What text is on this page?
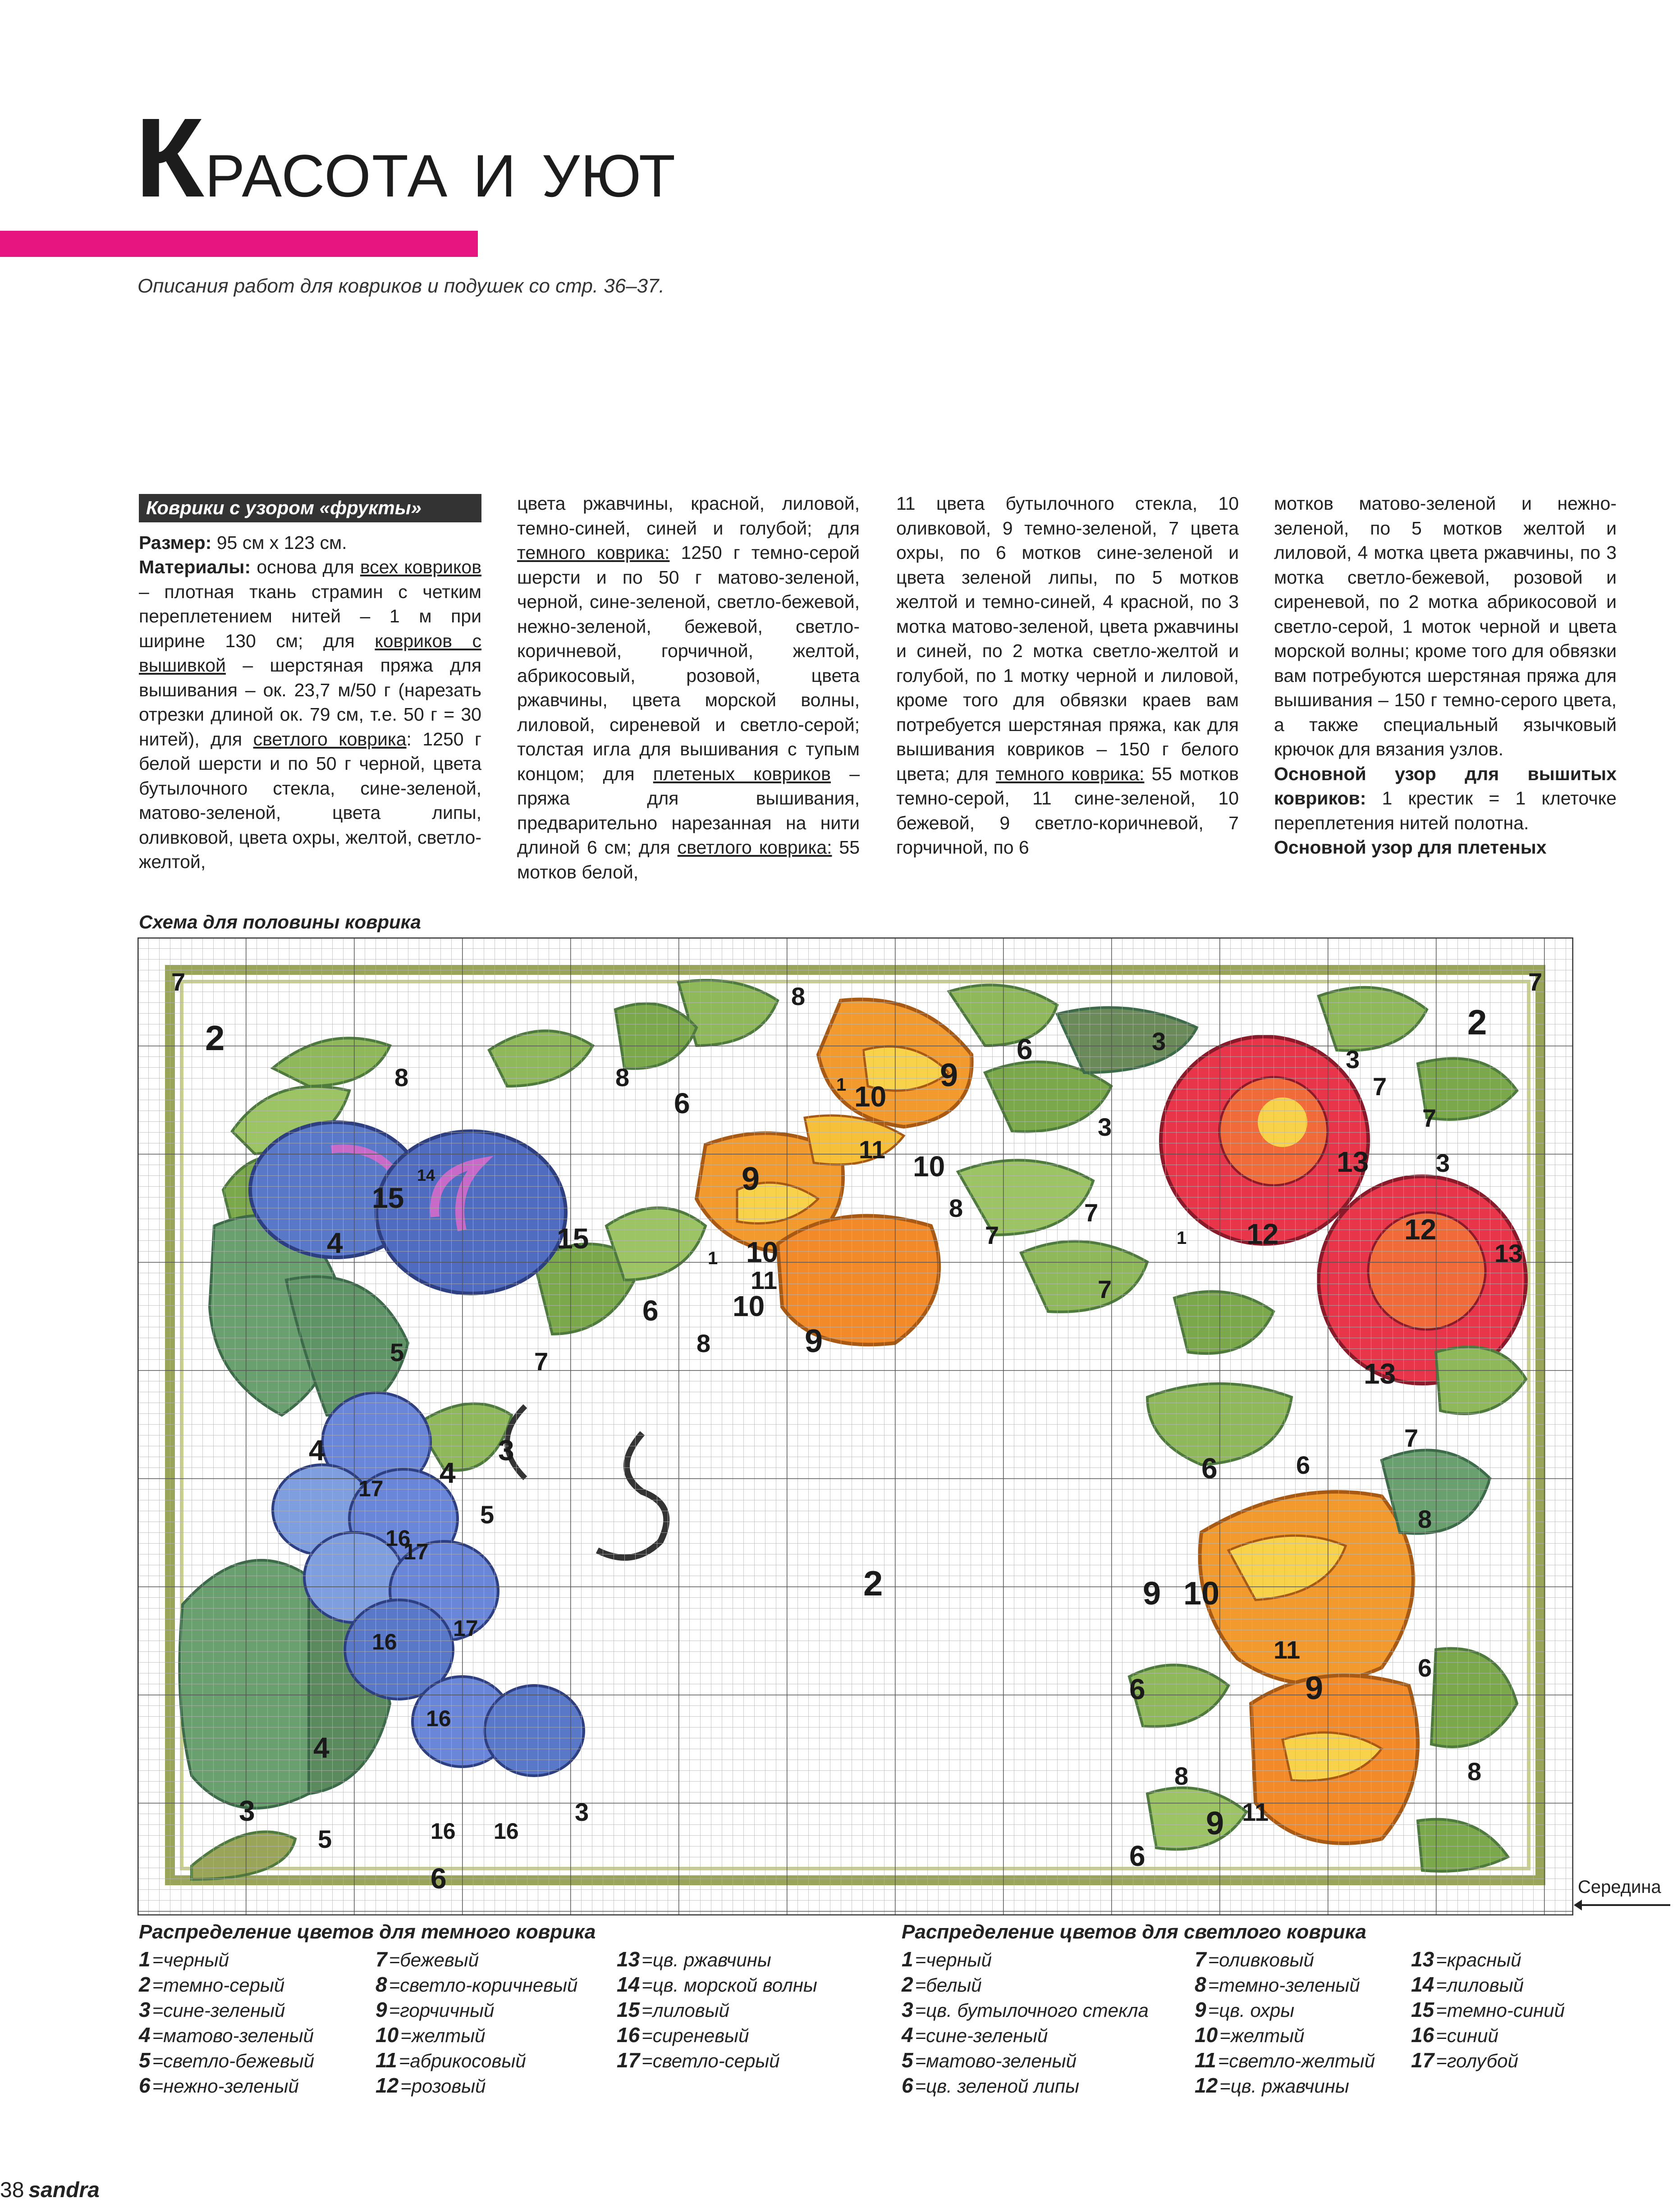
Красота и уют
Описания работ для ковриков и подушек со стр. 36–37.
Коврики с узором «фрукты»

Размер: 95 см x 123 см.

Материалы: основа для всех ковриков – плотная ткань страмин с четким переплетением нитей – 1 м при ширине 130 см; для ковриков с вышивкой – шерстяная пряжа для вышивания – ок. 23,7 м/50 г (нарезать отрезки длиной ок. 79 см, т.е. 50 г = 30 нитей), для светлого коврика: 1250 г белой шерсти и по 50 г черной, цвета бутылочного стекла, сине-зеленой, матово-зеленой, цвета липы, оливковой, цвета охры, желтой, светло-желтой,

цвета ржавчины, красной, лиловой, темно-синей, синей и голубой; для темного коврика: 1250 г темно-серой шерсти и по 50 г матово-зеленой, черной, сине-зеленой, светло-бежевой, нежно-зеленой, бежевой, светло-коричневой, горчичной, желтой, абрикосовый, розовой, цвета ржавчины, цвета морской волны, лиловой, сиреневой и светло-серой; толстая игла для вышивания с тупым концом; для плетеных ковриков – пряжа для вышивания, предварительно нарезанная на нити длиной 6 см; для светлого коврика: 55 мотков белой,

11 цвета бутылочного стекла, 10 оливковой, 9 темно-зеленой, 7 цвета охры, по 6 мотков сине-зеленой и цвета зеленой липы, по 5 мотков желтой и темно-синей, 4 красной, по 3 мотка матово-зеленой, цвета ржавчины и синей, по 2 мотка светло-желтой и голубой, по 1 мотку черной и лиловой, кроме того для обвязки краев вам потребуется шерстяная пряжа, как для вышивания ковриков – 150 г белого цвета; для темного коврика: 55 мотков темно-серой, 11 сине-зеленой, 10 бежевой, 9 светло-коричневой, 7 горчичной, по 6

мотков матово-зеленой и нежно-зеленой, по 5 мотков желтой и лиловой, 4 мотка цвета ржавчины, по 3 мотка светло-бежевой, розовой и сиреневой, по 2 мотка абрикосовой и светло-серой, 1 моток черной и цвета морской волны; кроме того для обвязки вам потребуются шерстяная пряжа для вышивания – 150 г темно-серого цвета, а также специальный язычковый крючок для вязания узлов.

Основной узор для вышитых ковриков: 1 крестик = 1 клеточке переплетения нитей полотна.

Основной узор для плетеных

Схема для половины коврика
2	2
2
7	7
7
7
7
7
7
7
7
8	8
8
8
8
8
8	8
6
6
6
6
6
6
6
6
6
3
3
3
3
3
3	3
4
4
4
4
5
5
5
9
9
9
9
9
9
10
10
10
10
10
11
11
11
11
12	12
13
13
13
14
15
15
16
16
16
16 16
17
17
17
1
1
1
Середина
Распределение цветов для темного коврика	Распределение цветов для светлого коврика
1=черный
2=темно-серый
3=сине-зеленый
4=матово-зеленый
5=светло-бежевый
6=нежно-зеленый
7=бежевый
8=светло-коричневый
9=горчичный
10=желтый
11=абрикосовый
12=розовый
13=цв. ржавчины
14=цв. морской волны
15=лиловый
16=сиреневый
17=светло-серый
1=черный
2=белый
3=цв. бутылочного стекла
4=сине-зеленый
5=матово-зеленый
6=цв. зеленой липы
7=оливковый
8=темно-зеленый
9=цв. охры
10=желтый
11=светло-желтый
12=цв. ржавчины
13=красный
14=лиловый
15=темно-синий
16=синий
17=голубой
38 sandra
